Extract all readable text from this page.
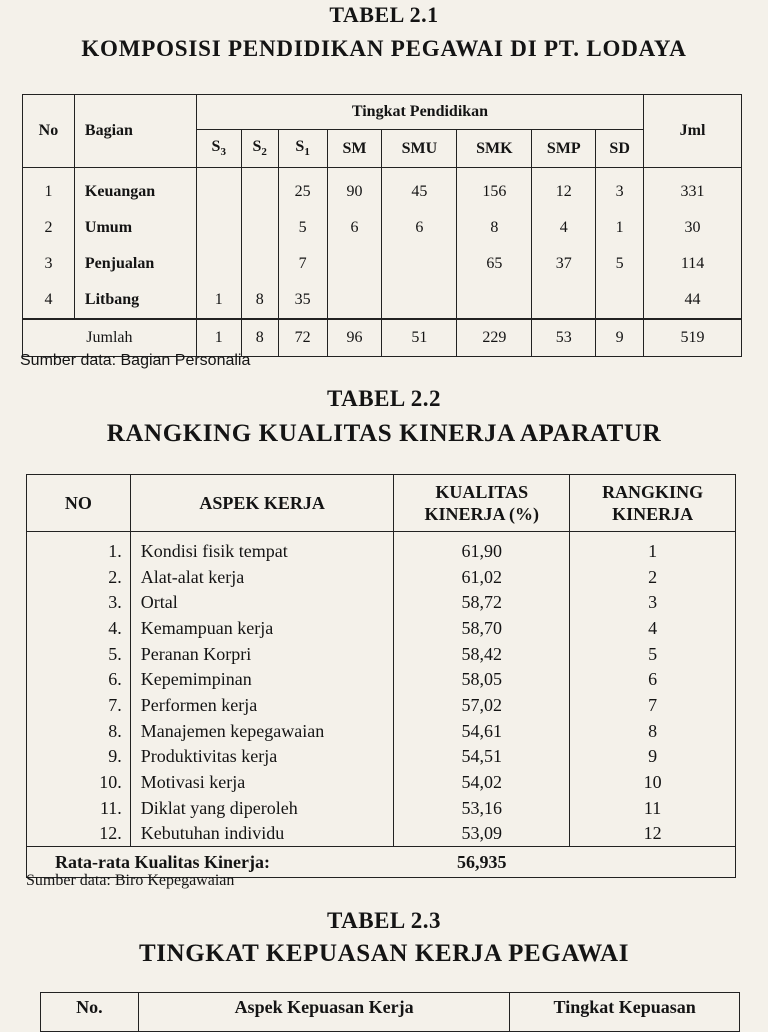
TABEL 2.1
KOMPOSISI PENDIDIKAN PEGAWAI DI PT. LODAYA
No	Bagian	Tingkat Pendidikan								Jml
		$S_3$	$S_2$	$S_1$	SM	SMU	SMK	SMP	SD	
1	Keuangan			25	90	45	156	12	3	331
2	Umum			5	6	6	8	4	1	30
3	Penjualan			7			65	37	5	114
4	Litbang	1	8	35						44
Jumlah		1	8	72	96	51	229	53	9	519
Sumber data: Bagian Personalia
TABEL 2.2
RANGKING KUALITAS KINERJA APARATUR
NO	ASPEK KERJA	KUALITAS
KINERJA (%)	RANGKING
KINERJA
1.	Kondisi fisik tempat	61,90	1
2.	Alat-alat kerja	61,02	2
3.	Ortal	58,72	3
4.	Kemampuan kerja	58,70	4
5.	Peranan Korpri	58,42	5
6.	Kepemimpinan	58,05	6
7.	Performen kerja	57,02	7
8.	Manajemen kepegawaian	54,61	8
9.	Produktivitas kerja	54,51	9
10.	Motivasi kerja	54,02	10
11.	Diklat yang diperoleh	53,16	11
12.	Kebutuhan individu	53,09	12
Rata-rata Kualitas Kinerja:		56,935	
Sumber data: Biro Kepegawaian
TABEL 2.3
TINGKAT KEPUASAN KERJA PEGAWAI
No.	Aspek Kepuasan Kerja	Tingkat Kepuasan
